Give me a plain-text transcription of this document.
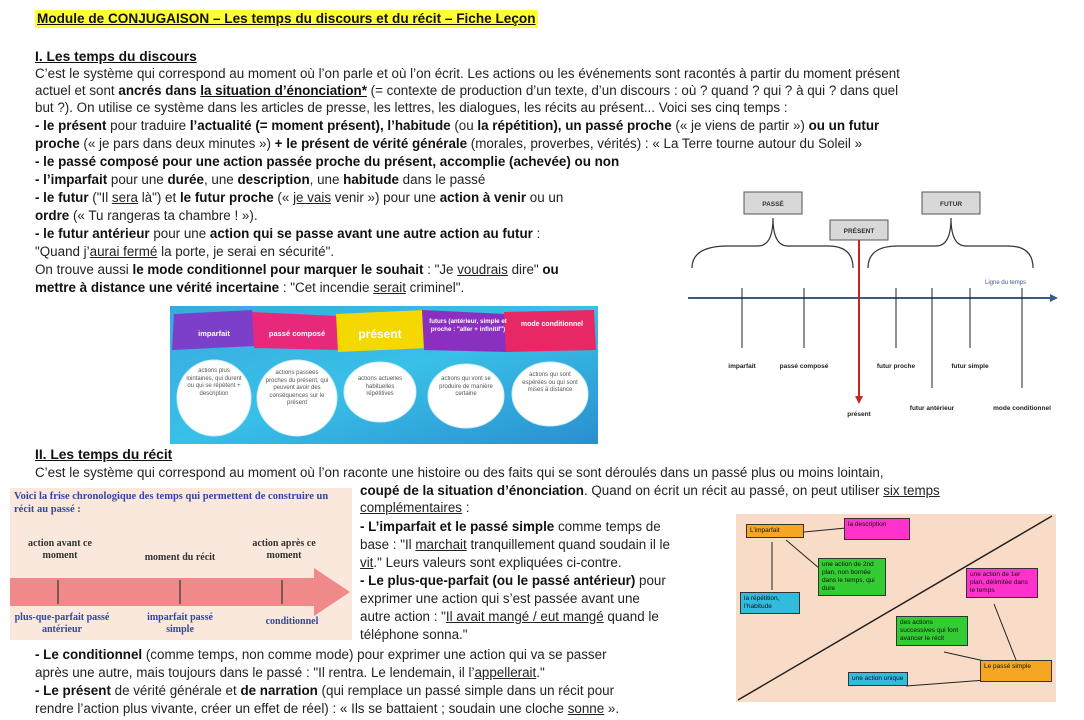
Module de CONJUGAISON – Les temps du discours et du récit – Fiche Leçon
I. Les temps du discours
C’est le système qui correspond au moment où l’on parle et où l’on écrit. Les actions ou les événements sont racontés à partir du moment présent
actuel et sont ancrés dans la situation d’énonciation* (= contexte de production d’un texte, d’un discours : où ? quand ? qui ? à qui ? dans quel
but ?). On utilise ce système dans les articles de presse, les lettres, les dialogues, les récits au présent... Voici ses cinq temps :
- le présent pour traduire l’actualité (= moment présent), l’habitude (ou la répétition), un passé proche (« je viens de partir ») ou un futur
proche (« je pars dans deux minutes ») + le présent de vérité générale (morales, proverbes, vérités) : « La Terre tourne autour du Soleil »
- le passé composé pour une action passée proche du présent, accomplie (achevée) ou non
- l’imparfait pour une durée, une description, une habitude dans le passé
- le futur ("Il sera là") et le futur proche (« je vais venir ») pour une action à venir ou un
ordre (« Tu rangeras ta chambre ! »).
- le futur antérieur pour une action qui se passe avant une autre action au futur :
"Quand j’aurai fermé la porte, je serai en sécurité".
On trouve aussi le mode conditionnel pour marquer le souhait : "Je voudrais dire" ou
mettre à distance une vérité incertaine : "Cet incendie serait criminel".
imparfait	passé composé	présent
futurs (antérieur, simple et proche : "aller + infinitif")
mode conditionnel
actions plus lointaines, qui durent ou qui se répètent + description
actions passées proches du présent, qui peuvent avoir des conséquences sur le présent
actions actuelles habituelles répétitives
actions qui vont se produire de manière certaine
actions qui sont espérées ou qui sont mises à distance
PASSÉ
PRÉSENT
FUTUR
Ligne du temps
imparfait	passé composé
présent
futur proche
futur antérieur
futur simple
mode conditionnel
II. Les temps du récit
C’est le système qui correspond au moment où l’on raconte une histoire ou des faits qui se sont déroulés dans un passé plus ou moins lointain,
coupé de la situation d’énonciation. Quand on écrit un récit au passé, on peut utiliser six temps
complémentaires :
- L’imparfait et le passé simple comme temps de
base : "Il marchait tranquillement quand soudain il le
vit." Leurs valeurs sont expliquées ci-contre.
- Le plus-que-parfait (ou le passé antérieur) pour
exprimer une action qui s’est passée avant une
autre action : "Il avait mangé / eut mangé quand le
téléphone sonna."
- Le conditionnel (comme temps, non comme mode) pour exprimer une action qui va se passer
après une autre, mais toujours dans le passé : "Il rentra. Le lendemain, il l’appellerait."
- Le présent de vérité générale et de narration (qui remplace un passé simple dans un récit pour
rendre l’action plus vivante, créer un effet de réel) : « Ils se battaient ; soudain une cloche sonne ».
Voici la frise chronologique des temps qui permettent de construire un récit au passé :
action avant ce moment	moment du récit
action après ce moment
plus-que-parfait passé antérieur
imparfait passé simple
conditionnel
L’imparfait
la description
une action de 2nd plan, non bornée dans le temps, qui dure
la répétition, l’habitude
une action de 1er plan, délimitée dans le temps
des actions successives qui font avancer le récit
Le passé simple
une action unique
